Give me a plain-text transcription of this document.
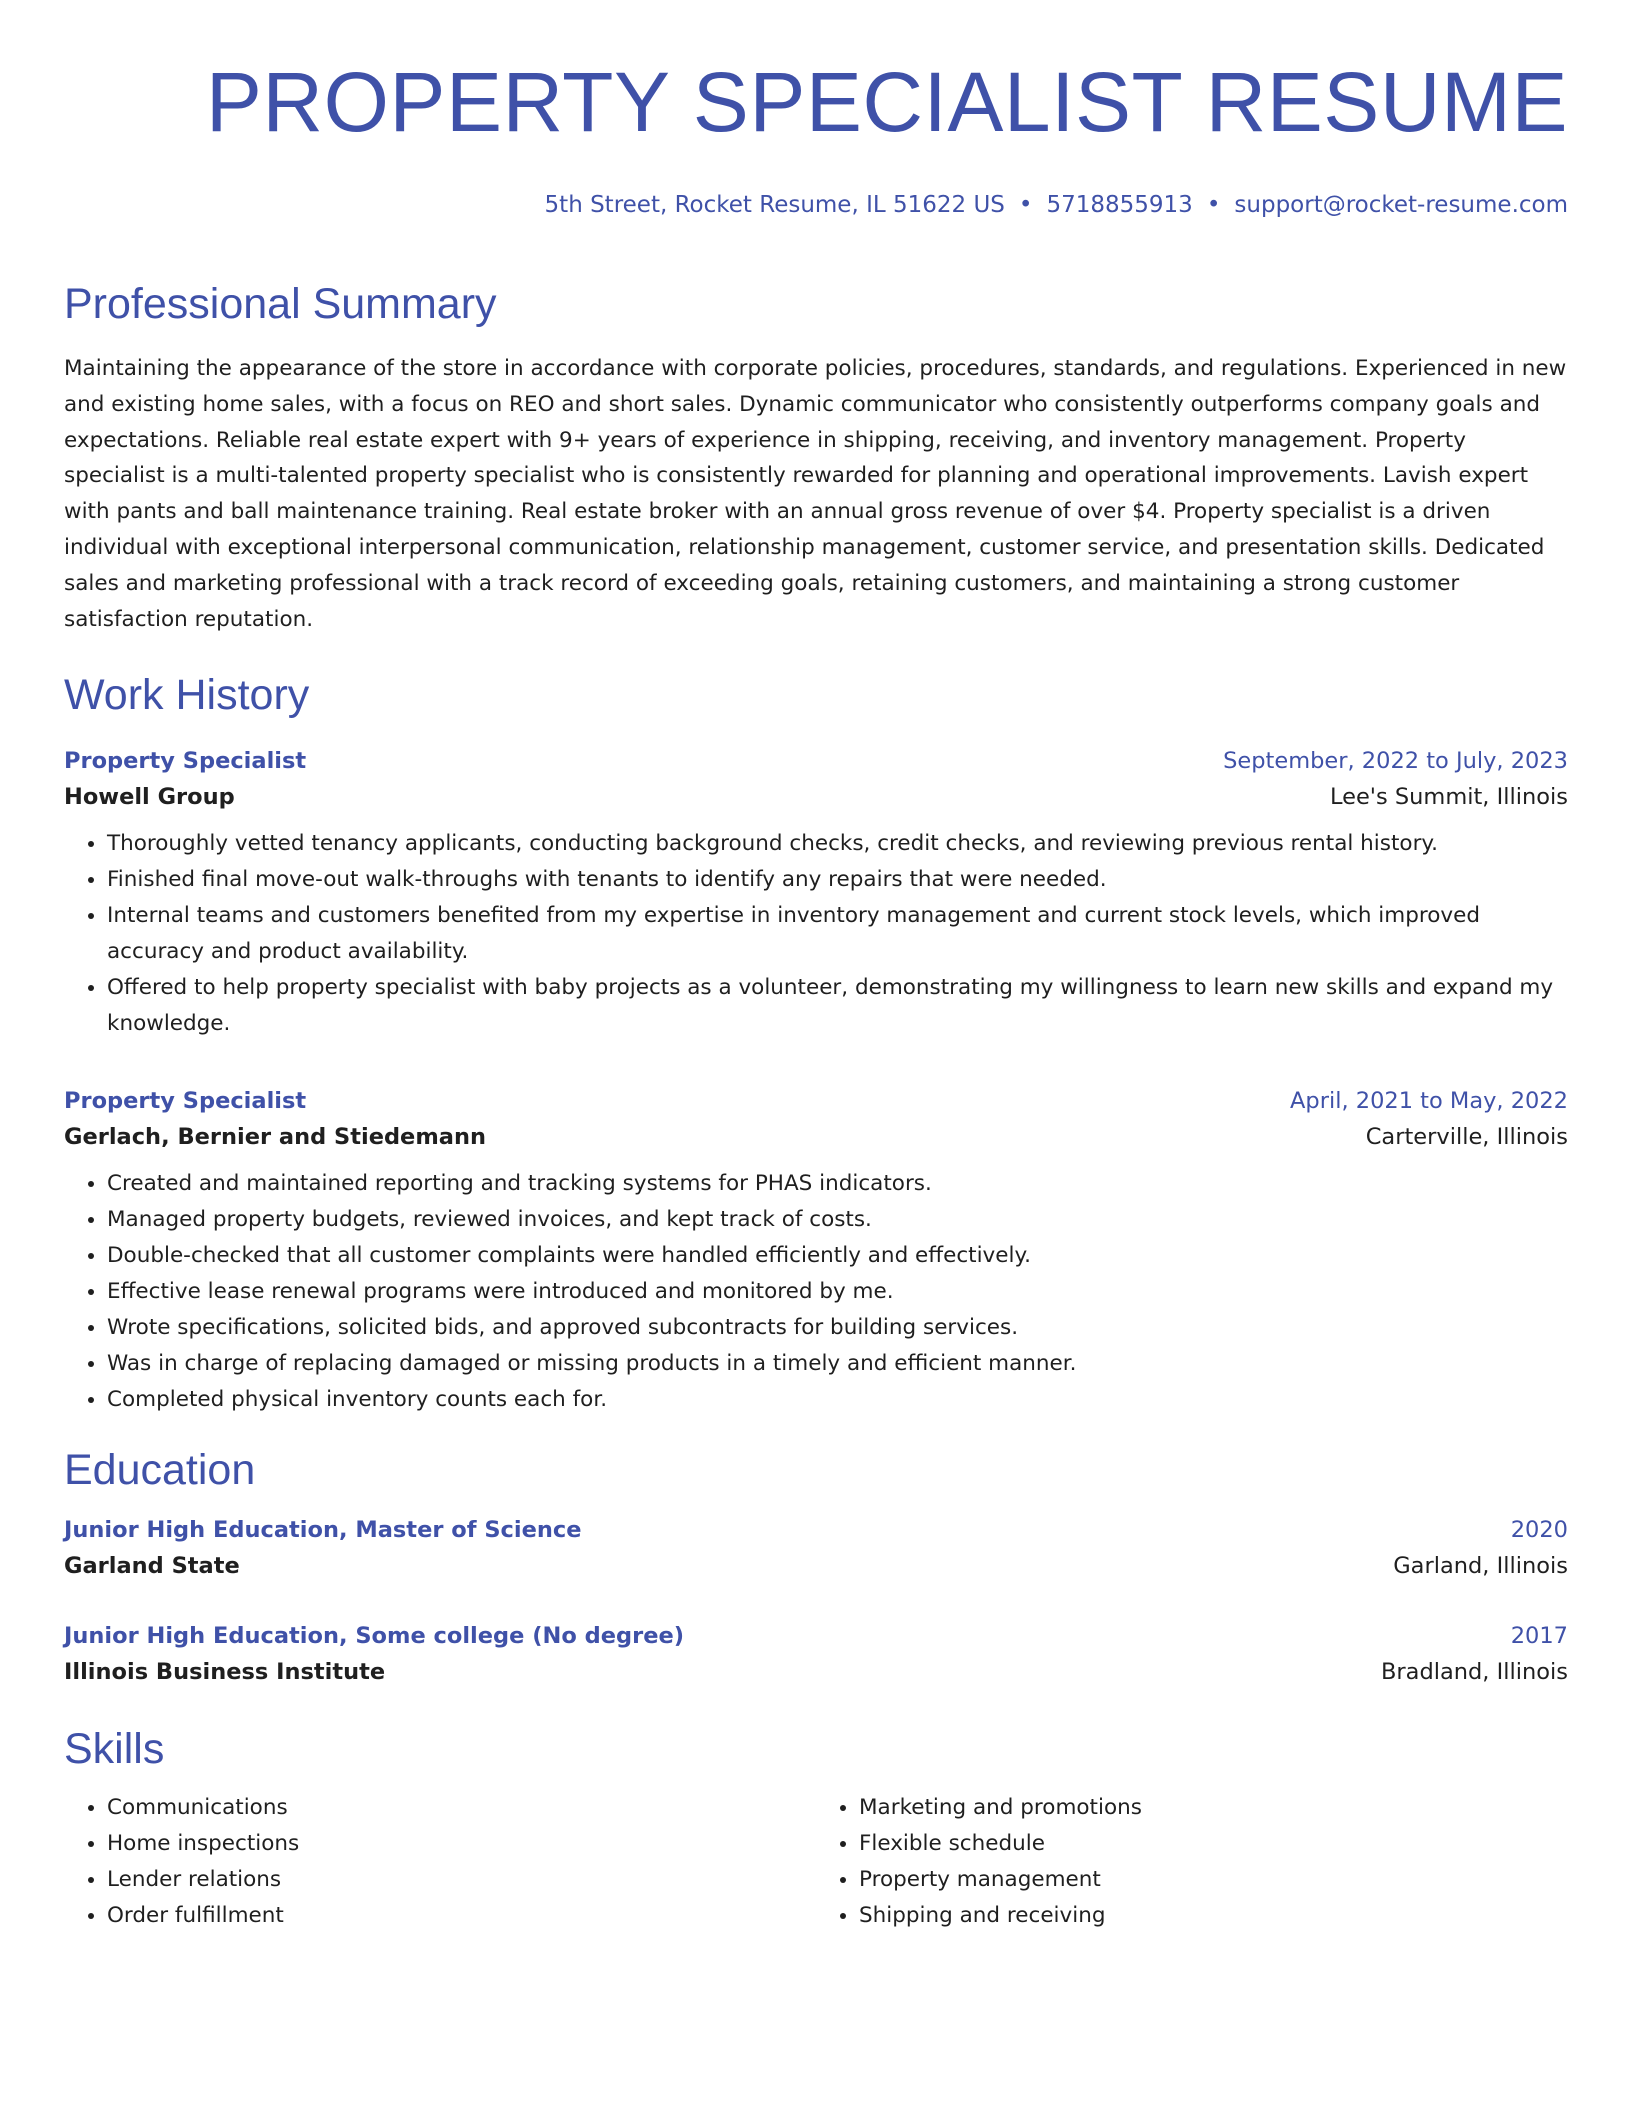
PROPERTY SPECIALIST RESUME
5th Street, Rocket Resume, IL 51622 US • 5718855913 • support@rocket-resume.com
Professional Summary
Maintaining the appearance of the store in accordance with corporate policies, procedures, standards, and regulations. Experienced in new and existing home sales, with a focus on REO and short sales. Dynamic communicator who consistently outperforms company goals and expectations. Reliable real estate expert with 9+ years of experience in shipping, receiving, and inventory management. Property specialist is a multi-talented property specialist who is consistently rewarded for planning and operational improvements. Lavish expert with pants and ball maintenance training. Real estate broker with an annual gross revenue of over $4. Property specialist is a driven individual with exceptional interpersonal communication, relationship management, customer service, and presentation skills. Dedicated sales and marketing professional with a track record of exceeding goals, retaining customers, and maintaining a strong customer satisfaction reputation.
Work History
Property Specialist	September, 2022 to July, 2023
Howell Group	Lee's Summit, Illinois
• Thoroughly vetted tenancy applicants, conducting background checks, credit checks, and reviewing previous rental history.
• Finished final move-out walk-throughs with tenants to identify any repairs that were needed.
• Internal teams and customers benefited from my expertise in inventory management and current stock levels, which improved accuracy and product availability.
• Offered to help property specialist with baby projects as a volunteer, demonstrating my willingness to learn new skills and expand my knowledge.
Property Specialist	April, 2021 to May, 2022
Gerlach, Bernier and Stiedemann	Carterville, Illinois
• Created and maintained reporting and tracking systems for PHAS indicators.
• Managed property budgets, reviewed invoices, and kept track of costs.
• Double-checked that all customer complaints were handled efficiently and effectively.
• Effective lease renewal programs were introduced and monitored by me.
• Wrote specifications, solicited bids, and approved subcontracts for building services.
• Was in charge of replacing damaged or missing products in a timely and efficient manner.
• Completed physical inventory counts each for.
Education
Junior High Education, Master of Science	2020
Garland State	Garland, Illinois
Junior High Education, Some college (No degree)	2017
Illinois Business Institute	Bradland, Illinois
Skills
• Communications
• Home inspections
• Lender relations
• Order fulfillment
• Marketing and promotions
• Flexible schedule
• Property management
• Shipping and receiving
